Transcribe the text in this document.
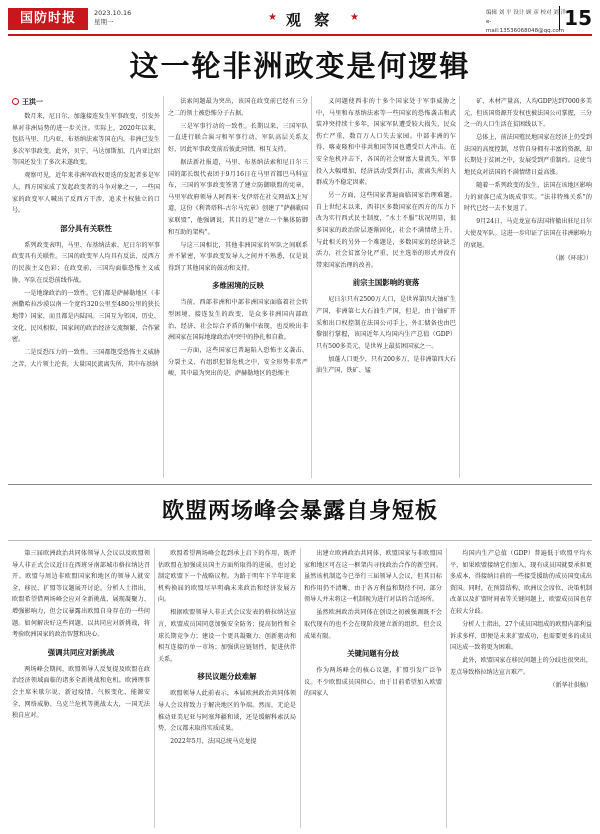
国防时报	2023.10.16
星期一	★ 观 察 ★	编辑 刘 平 设计 顾 彦 校对 刘 洋
e-mail:13536068048@qq.com
15
这一轮非洲政变是何逻辑
王洪一

数月来，尼日尔、加蓬接连发生军事政变，引发外界对非洲局势的进一步关注。实际上，2020年以来，包括马里、几内亚、布基纳法索等国在内，非洲已发生多次军事政变。此外，贝宁、马达加斯加、几内亚比绍等国还发生了多次未遂政变。

观察可见，近年来非洲军政权更迭的发起者多是军人，西方国家成了发起政变者的斗争对象之一，一些国家的政变军人喊出了反西方干涉、追求主权独立的口号。

部分具有关联性

系列政变表明，马里、布基纳法索、尼日尔的军事政变具有关联性。三国的政变军人均具有反法、反西方的民族主义色彩；在政变前，三国均面临恐怖主义威胁，军队在反恐前线作战。

一是地缘政治的一致性。它们都是萨赫勒地区（非洲撒哈拉沙漠以南一个宽约320公里至480公里的狭长地带）国家，而且都是内陆国。三国互为邻国，历史、文化、民风相似，国家间的政治经济交流频繁，合作紧密。

二是反恐压力的一致性。三国都饱受恐怖主义威胁之苦，大片领土沦丧，大量国民流离失所，其中布基纳

法索问题最为突出，该国在政变前已经有三分之二的领土被恐怖分子占据。

三是军事行动的一致性。长期以来，三国军队一直进行联合演习和军事行动，军队高层关系友好，因此军事政变前后彼此同情、相互支持。

据法新社报道，马里、布基纳法索和尼日尔三国的部长级代表团于9月16日在马里首都巴马科宣布，三国的军事政变签署了建立防御联盟的宪章，马里军政府领导人阿西米·戈伊塔在社交网站X上写道，这份《利普塔科-古尔马宪章》创建了“萨赫勒国家联盟”，他强调说，其目的是“建立一个集体防御和互助的架构”。

与这三国相比，其他非洲国家的军队之间联系并不紧密，军事政变发导人之间并不熟悉，仅是说得到了其他国家的鼓动和支持。

多维困境的反映

当前，西部非洲和中部非洲国家面临着社会转型困境，接连发生的政变，是众多非洲国内部政治、经济、社会综合矛盾的集中表现，也反映出非洲国家在国际地缘政治冲突中的挣扎和自救。

一方面，这些国家已普遍陷入恐怖主义袭击、分裂主义、有组织犯罪危机之中，安全形势非常严峻，其中最为突出的是，萨赫勒地区的恐怖主

义问题使西非的十多个国家处于军事威胁之中，马里和布基纳法索等一些国家的恐怖袭击和武装冲突持续十多年，国家军队遭受较大损失，民众伤亡严重，数百万人口失去家园。中部非洲的乍得、喀麦隆和中非共和国等国也遭受巨大冲击。在安全危机冲击下，各国的社会财富大量流失，军事投入大幅增加，经济活动受到打击，流离失所的人群成为不稳定因素。

另一方面，这些国家普遍面临国家治理难题。自上世纪末以来，西非区多数国家在西方的压力下改为实行西式民主制度，“水土不服”状况明显，很多国家的政治阶层逐渐固化，社会不满情绪上升。与此相关的另外一个难题是，多数国家的经济缺乏活力，社会贫富分化严重，民主选举的形式并没有带来国家治理的改善。

前宗主国影响的衰落

尼日尔只有2500万人口，是世界第四大铀矿生产国，非洲第七大石油生产国，但是，由于铀矿开采和出口权控制在法国公司手上，外汇储备也由巴黎银行掌握，该国近年人均国内生产总值（GDP）只有500多美元，是世界上最贫困国家之一。

加蓬人口更少，只有200多万，是非洲第四大石油生产国，铁矿、锰

矿、木材产量高，人均GDP达到7000多美元，但该国资源开发权也被法国公司掌握，三分之一的人口生活在贫困线以下。

总体上，前法国殖民地国家在经济上仍受到法国的高度控制，尽管自身拥有丰富的资源，却长期处于贫困之中，发展受到严重制约。这使当地民众对法国的不满情绪日益高涨。

随着一系列政变的发生，法国在该地区影响力的衰落已成为既成事实。“法非特殊关系”的时代已经一去不复返了。

9月24日，马克龙宣布法国将撤出驻尼日尔大使及军队。这进一步印证了法国在非洲影响力的衰退。

（据《环球》）

欧盟两场峰会暴露自身短板

第三届欧洲政治共同体领导人会议以及欧盟领导人非正式会议近日在西班牙南部城市格拉纳达召开。欧盟与周边非欧盟国家和地区的领导人就安全、移民、扩盟等议题展开讨论。分析人士指出，欧盟希望借两场峰会应对全新挑战、展现凝聚力、增强影响力，但会议暴露出欧盟自身存在的一些问题。如何解决好这些问题，以共同应对新挑战，将考验欧洲国家的政治智慧和决心。

强调共同应对新挑战

两场峰会期间，欧盟领导人反复提及欧盟在政治经济领域面临的诸多全新挑战和危机。欧洲理事会主席米歇尔说，新冠疫情、气候变化、能源安全、网络威胁、乌克兰危机等挑战太大，一国无法独自应对。

欧盟希望两场峰会起到承上启下的作用，既评估欧盟在加强成员国主方面所取得的进展，也讨论制定欧盟下一个战略议程。为路于明年下半年迎来机构换届的欧盟尽早明确未来政治和经济发展方向。

根据欧盟领导人非正式会议发表的格拉纳达宣言，欧盟成员国同意加强安全防务；提高韧性和全球长期竞争力；建设一个更具凝聚力、创新驱动和相互连接的单一市场；加强供应链韧性，促进伙伴关系。

移民议题分歧难解

欧盟领导人此前表示，本届欧洲政治共同体领导人会议将致力于解决地区的争端。然而，无论是推动亚美尼亚与阿塞拜疆和谈，还是缓解科索沃局势，会议都未取得实质成果。

2022年5月，法国总统马克龙提

出建立欧洲政治共同体，欧盟国家与非欧盟国家和地区可在这一框架内寻找政治合作的新空间。虽然该机制迄今已举行三届领导人会议，但其目标和作用仍不清晰，由于各方利益和期待不同，部分领导人并未将这一机制视为进行对话的合适场所。

虽然欧洲政治共同体在创设之初被强调既不会取代现有的也不会在现阶段建立新的组织，但会议成果有限。

关键问题有分歧

作为两场峰会的核心议题，扩盟引发广泛争议。不少欧盟成员国担心，由于目前希望加入欧盟的国家人

均国内生产总值（GDP）普遍低于欧盟平均水平，如果欧盟接纳它们加入，现有成员国就要承担更多成本，得接纳目前的一些接受援助的成员国变成出资国。同时，在预算结构、欧洲议会席位、决策机制改革以及扩盟时间表等关键问题上，欧盟成员国也存在较大分歧。

分析人士指出，27个成员国组成的欧盟内部利益诉求多样，即便是未来扩盟成功，也需要更多的成员国达成一致将更为困难。

此外，欧盟国家在移民问题上的分歧也很突出，差点导致格拉纳达宣言难产。

（新华社供稿）
